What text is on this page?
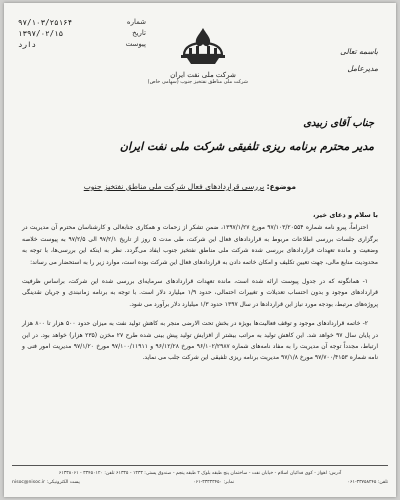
شماره
۹۷/۱۰۳/۲۵۱۶۴
تاریخ
۱۳۹۷/۰۲/۱۵
پیوست
دارد
شرکت ملی نفت ایران
شرکت ملی مناطق نفتخیز جنوب (سهامی خاص)
باسمه تعالی
مدیرعامل
جناب آقای زبیدی
مدیر محترم برنامه ریزی تلفیقی شرکت ملی نفت ایران
موضوع: بررسی قراردادهای فعال شرکت ملی مناطق نفتخیز جنوب
با سلام و دعای خیر،

احتراماً، پیرو نامه شماره ۹۷/۱۰۳/۲۰۵۵۴ مورخ ۱۳۹۷/۱/۲۷، ضمن تشکر از زحمات و همکاری جنابعالی و کارشناسان محترم آن مدیریت در برگزاری جلسات بررسی اطلاعات مربوط به قراردادهای فعال این شرکت، طی مدت ۵ روز از تاریخ ۹۷/۲/۱ الی ۹۷/۲/۵ به پیوست خلاصه وضعیت و مانده تعهدات قراردادهای بررسی شده شرکت ملی مناطق نفتخیز جنوب ایفاد می‌گردد. نظر به اینکه این بررسی‌ها، با توجه به محدودیت منابع مالی، جهت تعیین تکلیف و امکان خاتمه دادن به قراردادهای فعال این شرکت بوده است، موارد زیر را به استحضار می رساند:

۱- همانگونه که در جدول پیوست ارائه شده است، مانده تعهدات قراردادهای سرمایه‌ای بررسی شده این شرکت، براساس ظرفیت قراردادهای موجود و بدون احتساب تعدیلات و تغییرات احتمالی، حدود ۱/۹ میلیارد دلار است. با توجه به برنامه زمانبندی و جریان نقدینگی پروژه‌های مرتبط، بودجه مورد نیاز این قراردادها در سال ۱۳۹۷ حدود ۱/۳ میلیارد دلار برآورد می شود.

۲- خاتمه قراردادهای موجود و توقف فعالیت‌ها بویژه در بخش تحت الارضی منجر به کاهش تولید نفت به میزان حدود ۵۰۰ هزار تا ۸۰۰ هزار در پایان سال ۹۷ خواهد شد. این کاهش تولید به مراتب بیشتر از افزایش تولید پیش بینی شده طرح ۲۷ مخزن (۲۳۵ هزار) خواهد بود. در این ارتباط، مجدداً توجه آن مدیریت را به مفاد نامه‌های شماره ۹۶/۱۰۲/۲۹۸۷ مورخ ۹۶/۱۲/۲۸ و ۹۷/۱۰۰/۱۱۹۱۱ مورخ ۹۷/۱/۲۰ مدیریت امور فنی و نامه شماره ۹۷/۷۰۰/۴۱۵۳ مورخ ۹۷/۱/۸ مدیریت برنامه ریزی تلفیقی این شرکت جلب می نماید.

آدرس: اهواز - کوی فدائیان اسلام - خیابان نفت - ساختمان پنج طبقه بلوک ۲ طبقه پنجم - صندوق پستی: ۱۳۳۳ - ۶۱۳۳۵ تلفن: ۳۳۴۵۰۱۲۰ - ۶۱۳۳۸۰۶۱
تلفن: ۰۶۱-۳۳۷۵۸۲۴۵
نمابر: ۰۶۱-۳۳۳۳۳۴۵۰
پست الکترونیکی: nisoc@nisoc.ir
